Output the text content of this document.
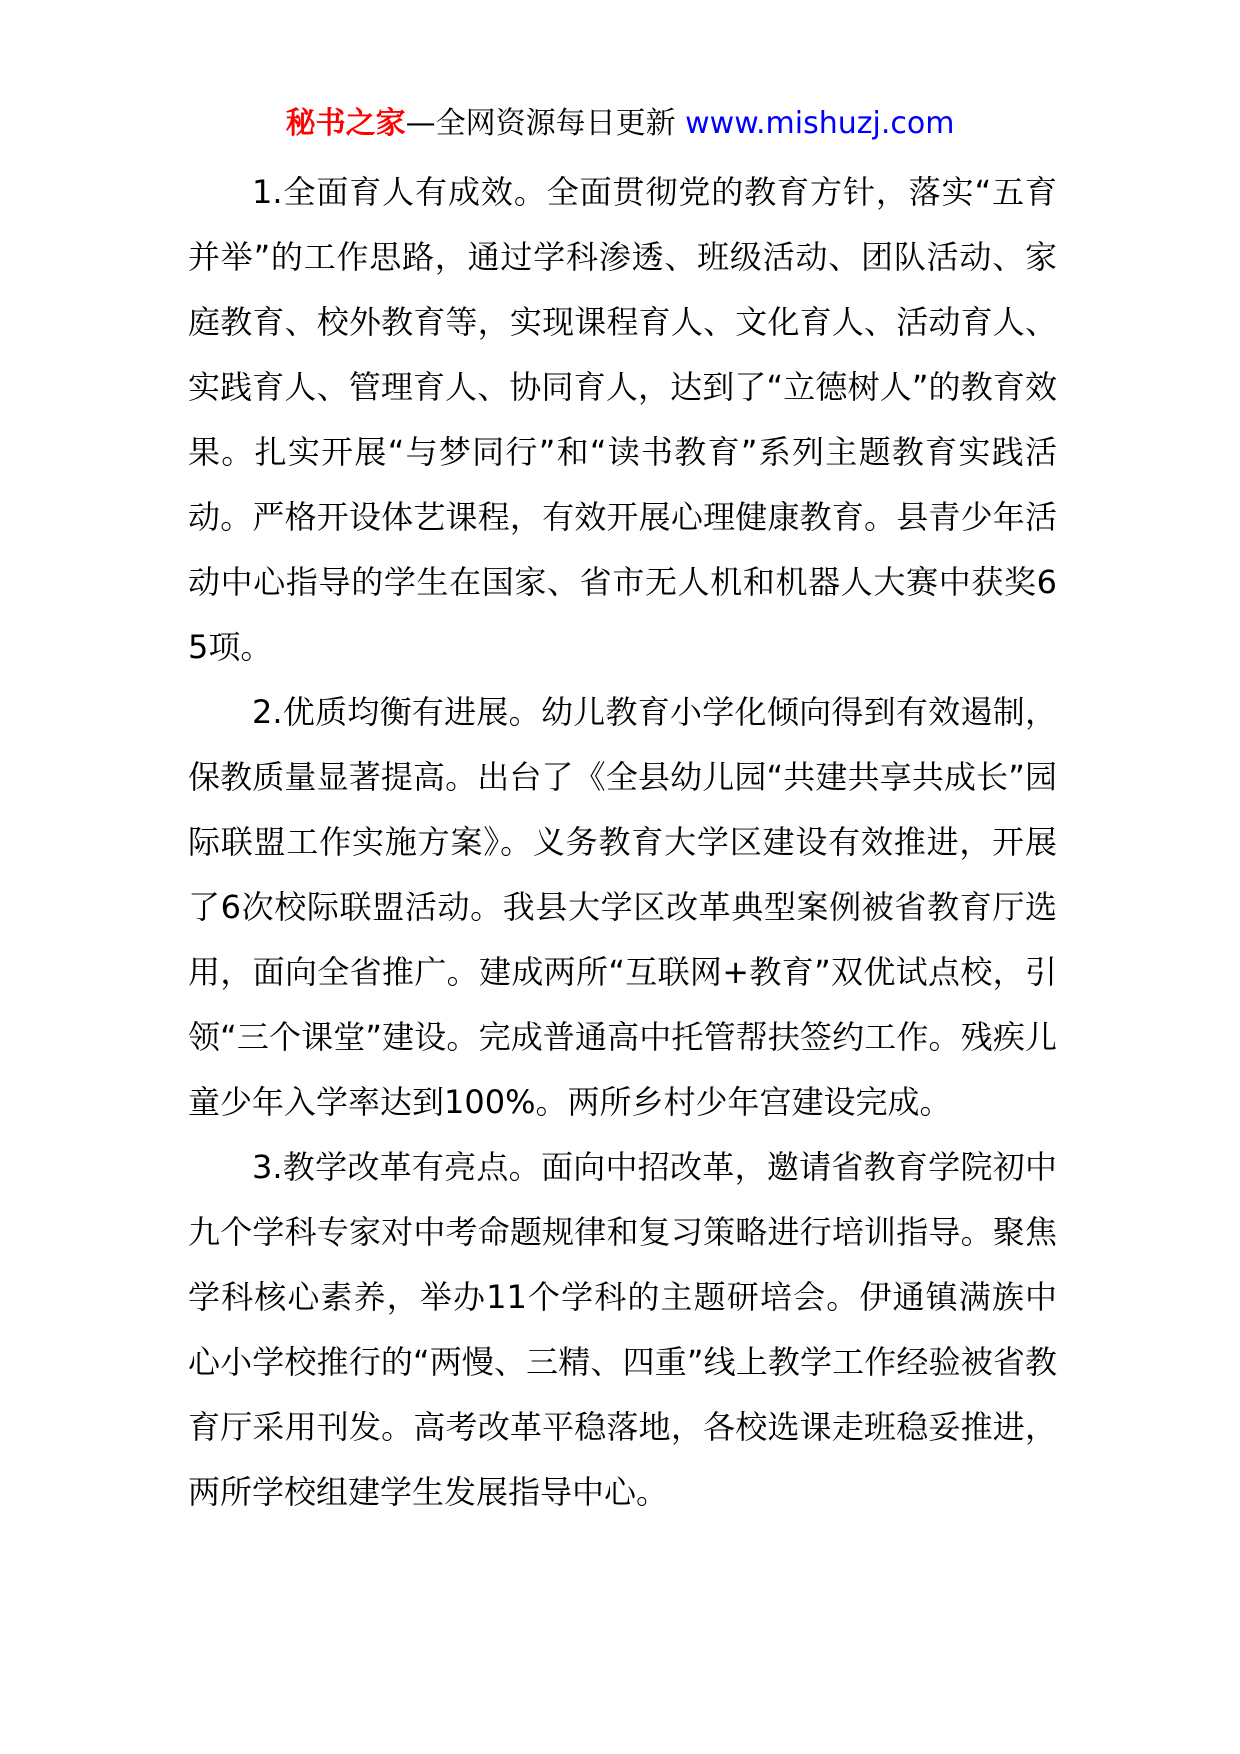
秘书之家—全网资源每日更新 www.mishuzj.com

1.全面育人有成效。全面贯彻党的教育方针，落实“五育并举”的工作思路，通过学科渗透、班级活动、团队活动、家庭教育、校外教育等，实现课程育人、文化育人、活动育人、实践育人、管理育人、协同育人，达到了“立德树人”的教育效果。扎实开展“与梦同行”和“读书教育”系列主题教育实践活动。严格开设体艺课程，有效开展心理健康教育。县青少年活动中心指导的学生在国家、省市无人机和机器人大赛中获奖65项。

2.优质均衡有进展。幼儿教育小学化倾向得到有效遏制，保教质量显著提高。出台了《全县幼儿园“共建共享共成长”园际联盟工作实施方案》。义务教育大学区建设有效推进，开展了6次校际联盟活动。我县大学区改革典型案例被省教育厅选用，面向全省推广。建成两所“互联网+教育”双优试点校，引领“三个课堂”建设。完成普通高中托管帮扶签约工作。残疾儿童少年入学率达到100%。两所乡村少年宫建设完成。

3.教学改革有亮点。面向中招改革，邀请省教育学院初中九个学科专家对中考命题规律和复习策略进行培训指导。聚焦学科核心素养，举办11个学科的主题研培会。伊通镇满族中心小学校推行的“两慢、三精、四重”线上教学工作经验被省教育厅采用刊发。高考改革平稳落地，各校选课走班稳妥推进，两所学校组建学生发展指导中心。
